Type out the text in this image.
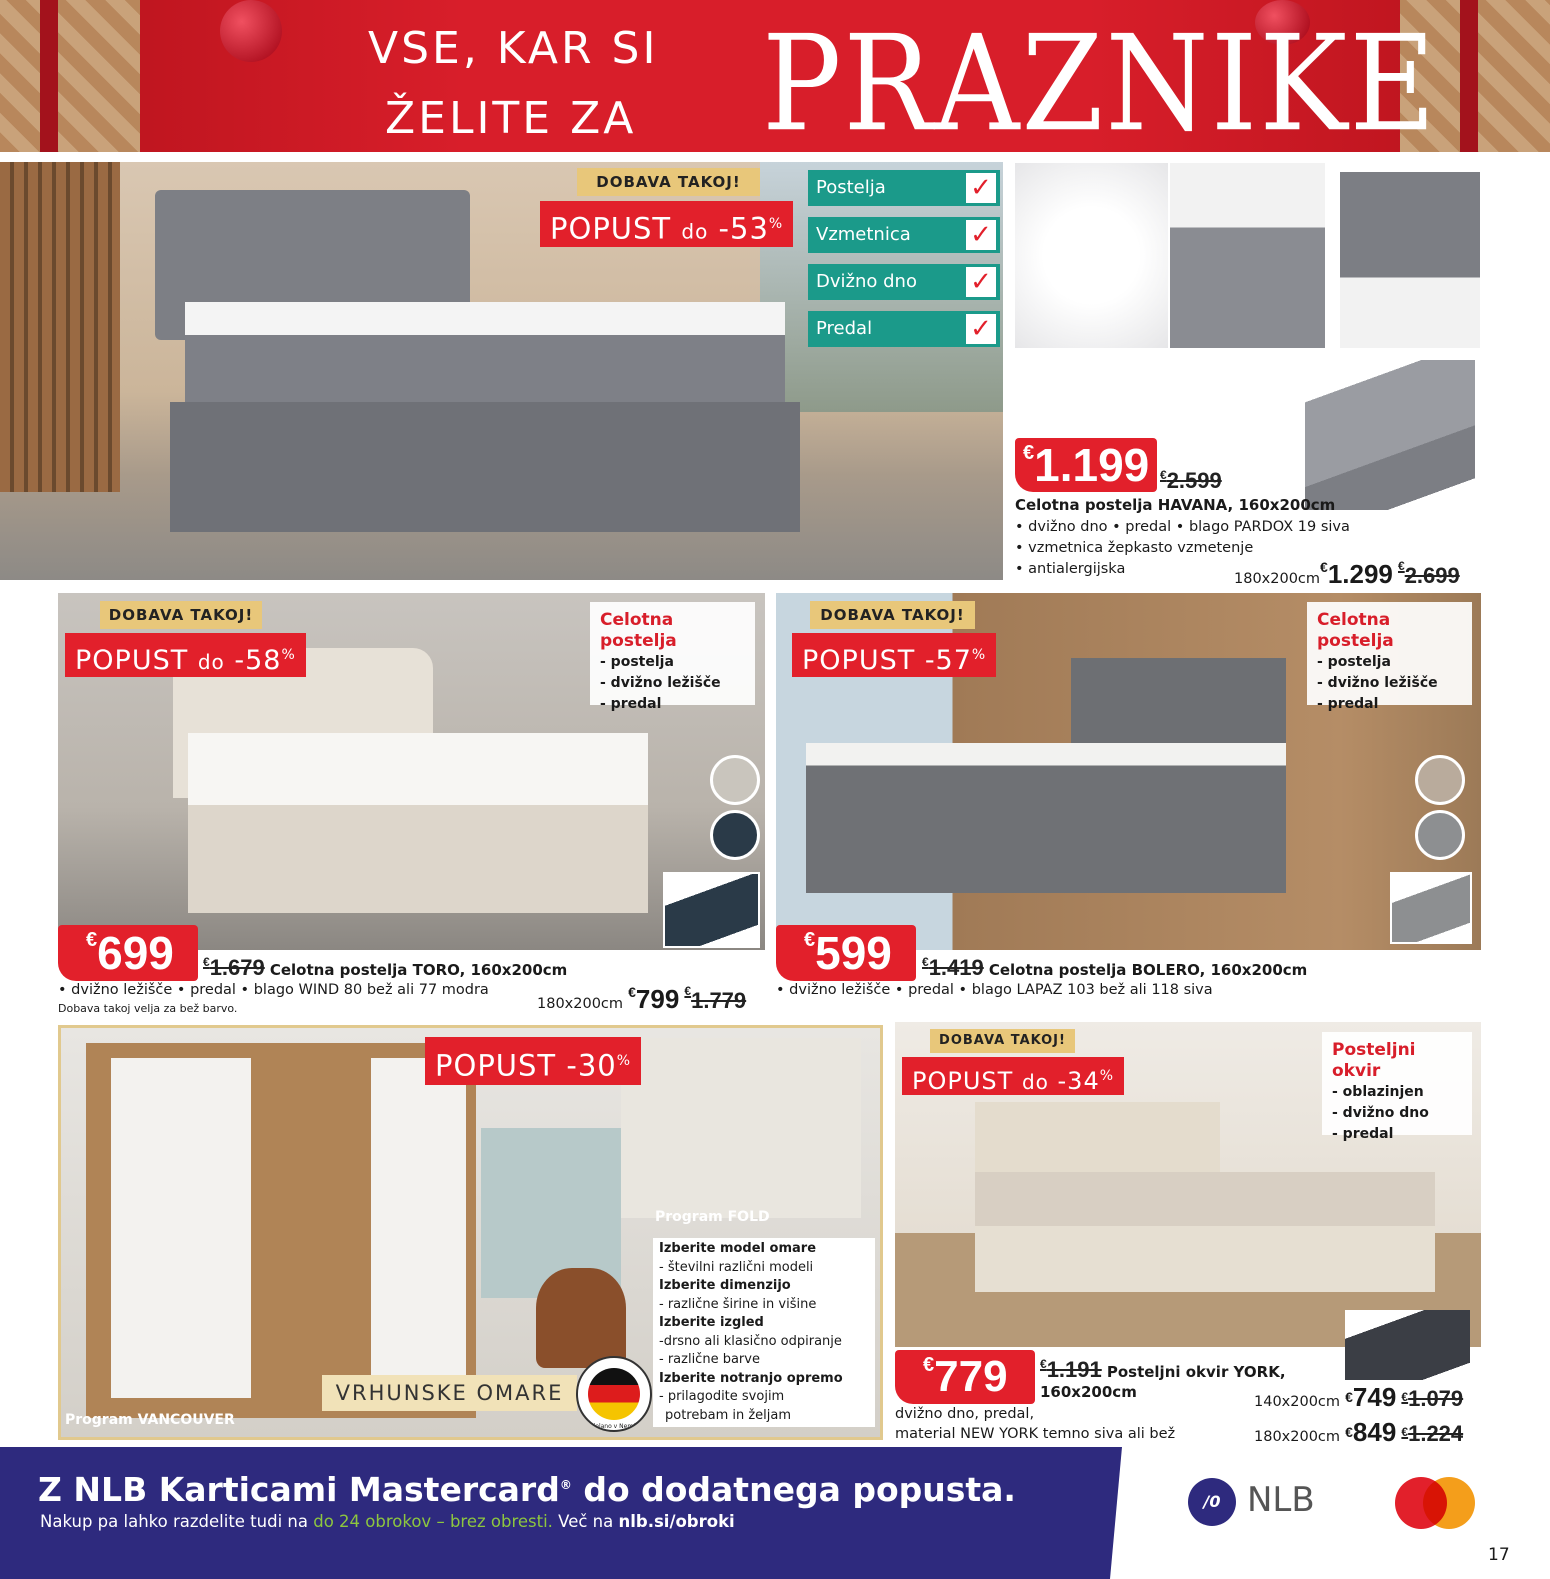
VSE, KAR SI
ŽELITE ZA PRAZNIKE
DOBAVA TAKOJ!
POPUST do -53%
Postelja	✓
Vzmetnica ✓
Dvižno dno ✓
Predal	✓
€1.199 €2.599
Celotna postelja HAVANA, 160x200cm
• dvižno dno • predal • blago PARDOX 19 siva
• vzmetnica žepkasto vzmetenje
• antialergijska
180x200cm€1.299 €2.699
DOBAVA TAKOJ!
POPUST do -58%
Celotna postelja
- postelja
- dvižno ležišče
- predal
€699	€1.679 Celotna postelja TORO, 160x200cm
• dvižno ležišče • predal • blago WIND 80 bež ali 77 modra
Dobava takoj velja za bež barvo.	180x200cm €799 €1.779
DOBAVA TAKOJ!
POPUST -57%
Celotna postelja
- postelja
- dvižno ležišče
- predal
€599	€1.419 Celotna postelja BOLERO, 160x200cm
• dvižno ležišče • predal • blago LAPAZ 103 bež ali 118 siva
POPUST -30%
Program FOLD
Program VANCOUVER
VRHUNSKE OMARE
Izdelano v Nemčiji
Izberite model omare
- številni različni modeli
Izberite dimenzijo
- različne širine in višine
Izberite izgled
-drsno ali klasično odpiranje
- različne barve
Izberite notranjo opremo
- prilagodite svojim
potrebam in željam
DOBAVA TAKOJ!
POPUST do -34%
Posteljni okvir
- oblazinjen
- dvižno dno
- predal
€779	€1.191 Posteljni okvir YORK,
160x200cm
dvižno dno, predal,
material NEW YORK temno siva ali bež
140x200cm €749 €1.079
180x200cm €849 €1.224
Z NLB Karticami Mastercard® do dodatnega popusta.
Nakup pa lahko razdelite tudi na do 24 obrokov – brez obresti. Več na nlb.si/obroki
/0 NLB
17
